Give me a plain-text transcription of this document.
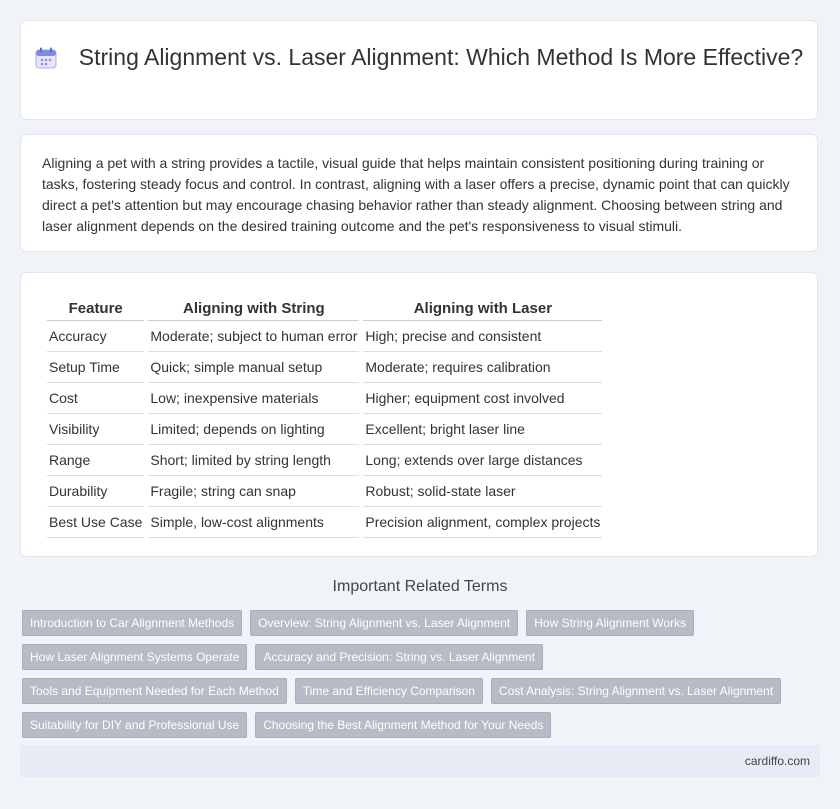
String Alignment vs. Laser Alignment: Which Method Is More Effective?
Aligning a pet with a string provides a tactile, visual guide that helps maintain consistent positioning during training or tasks, fostering steady focus and control. In contrast, aligning with a laser offers a precise, dynamic point that can quickly direct a pet's attention but may encourage chasing behavior rather than steady alignment. Choosing between string and laser alignment depends on the desired training outcome and the pet's responsiveness to visual stimuli.
Feature	Aligning with String	Aligning with Laser
Accuracy	Moderate; subject to human error	High; precise and consistent
Setup Time	Quick; simple manual setup	Moderate; requires calibration
Cost	Low; inexpensive materials	Higher; equipment cost involved
Visibility	Limited; depends on lighting	Excellent; bright laser line
Range	Short; limited by string length	Long; extends over large distances
Durability	Fragile; string can snap	Robust; solid-state laser
Best Use Case	Simple, low-cost alignments	Precision alignment, complex projects
Important Related Terms
Introduction to Car Alignment Methods	Overview: String Alignment vs. Laser Alignment	How String Alignment Works
How Laser Alignment Systems Operate	Accuracy and Precision: String vs. Laser Alignment
Tools and Equipment Needed for Each Method	Time and Efficiency Comparison	Cost Analysis: String Alignment vs. Laser Alignment
Suitability for DIY and Professional Use	Choosing the Best Alignment Method for Your Needs
cardiffo.com
